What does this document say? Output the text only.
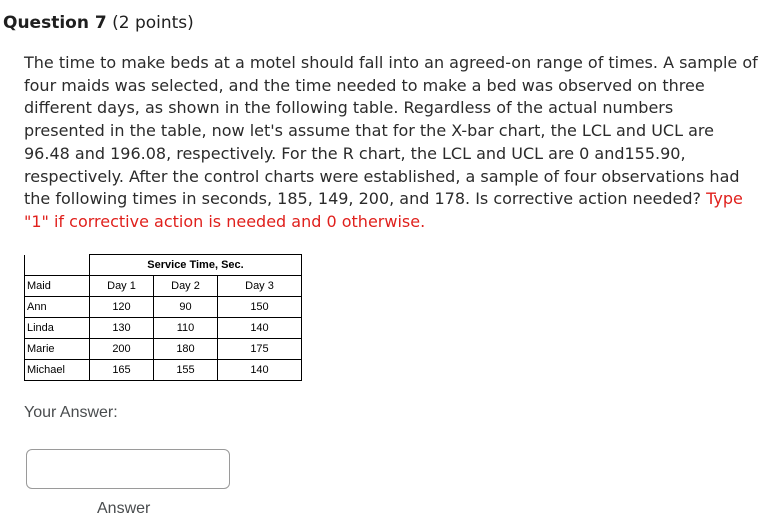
Question 7 (2 points)
The time to make beds at a motel should fall into an agreed-on range of times. A sample of four maids was selected, and the time needed to make a bed was observed on three different days, as shown in the following table. Regardless of the actual numbers presented in the table, now let's assume that for the X-bar chart, the LCL and UCL are 96.48 and 196.08, respectively. For the R chart, the LCL and UCL are 0 and155.90, respectively. After the control charts were established, a sample of four observations had the following times in seconds, 185, 149, 200, and 178. Is corrective action needed? Type "1" if corrective action is needed and 0 otherwise.
	Service Time, Sec.		
Maid	Day 1	Day 2	Day 3
Ann	120	90	150
Linda	130	110	140
Marie	200	180	175
Michael	165	155	140
Your Answer:
Answer
